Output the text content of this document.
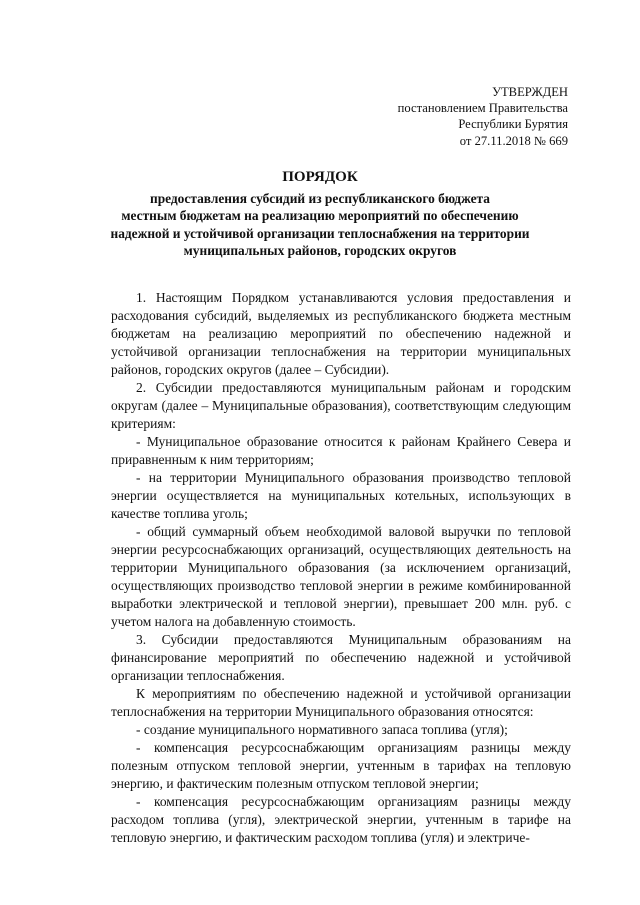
УТВЕРЖДЕН
постановлением Правительства
Республики Бурятия
от 27.11.2018 № 669
ПОРЯДОК
предоставления субсидий из республиканского бюджета
местным бюджетам на реализацию мероприятий по обеспечению
надежной и устойчивой организации теплоснабжения на территории
муниципальных районов, городских округов

1. Настоящим Порядком устанавливаются условия предоставления и расходования субсидий, выделяемых из республиканского бюджета местным бюджетам на реализацию мероприятий по обеспечению надежной и устойчивой организации теплоснабжения на территории муниципальных районов, городских округов (далее – Субсидии).

2. Субсидии предоставляются муниципальным районам и городским округам (далее – Муниципальные образования), соответствующим следующим критериям:

- Муниципальное образование относится к районам Крайнего Севера и приравненным к ним территориям;

- на территории Муниципального образования производство тепловой энергии осуществляется на муниципальных котельных, использующих в качестве топлива уголь;

- общий суммарный объем необходимой валовой выручки по тепловой энергии ресурсоснабжающих организаций, осуществляющих деятельность на территории Муниципального образования (за исключением организаций, осуществляющих производство тепловой энергии в режиме комбинированной выработки электрической и тепловой энергии), превышает 200 млн. руб. с учетом налога на добавленную стоимость.

3. Субсидии предоставляются Муниципальным образованиям на финансирование мероприятий по обеспечению надежной и устойчивой организации теплоснабжения.

К мероприятиям по обеспечению надежной и устойчивой организации теплоснабжения на территории Муниципального образования относятся:

- создание муниципального нормативного запаса топлива (угля);

- компенсация ресурсоснабжающим организациям разницы между полезным отпуском тепловой энергии, учтенным в тарифах на тепловую энергию, и фактическим полезным отпуском тепловой энергии;

- компенсация ресурсоснабжающим организациям разницы между расходом топлива (угля), электрической энергии, учтенным в тарифе на тепловую энергию, и фактическим расходом топлива (угля) и электриче-
